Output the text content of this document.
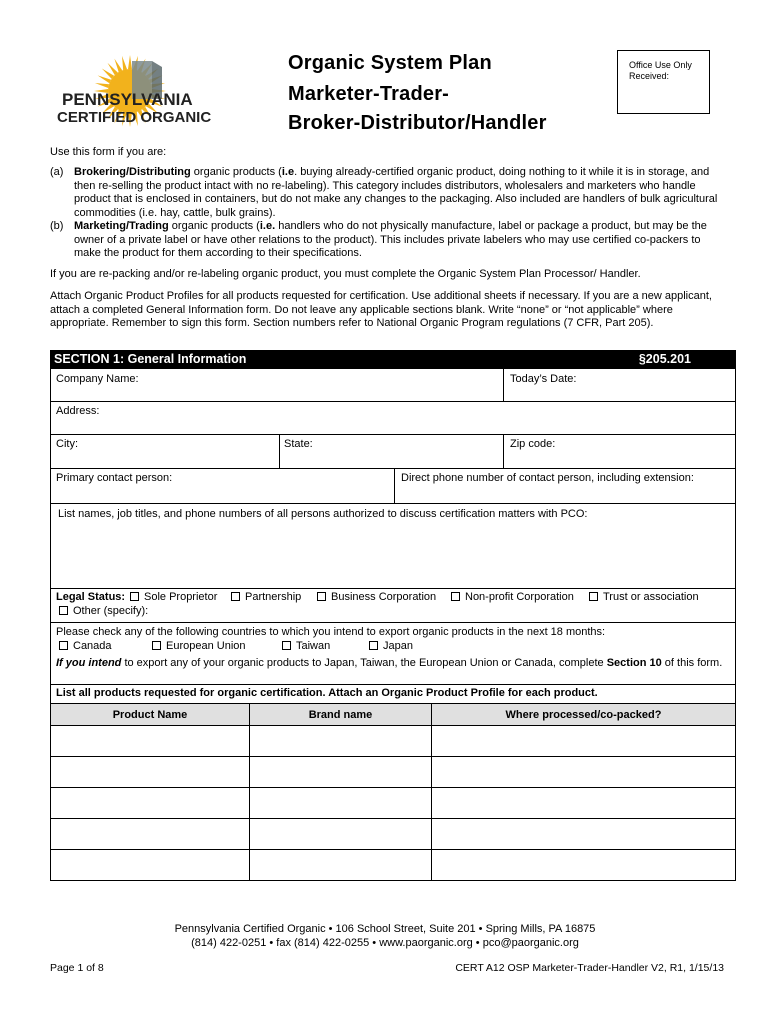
PENNSYLVANIA
CERTIFIED ORGANIC
Organic System Plan
Marketer-Trader-
Broker-Distributor/Handler
Office Use Only
Received:
Use this form if you are:
(a) Brokering/Distributing organic products (i.e. buying already-certified organic product, doing nothing to it while it is in storage, and then re-selling the product intact with no re-labeling). This category includes distributors, wholesalers and marketers who handle product that is enclosed in containers, but do not make any changes to the packaging. Also included are handlers of bulk agricultural commodities (i.e. hay, cattle, bulk grains).
(b) Marketing/Trading organic products (i.e. handlers who do not physically manufacture, label or package a product, but may be the owner of a private label or have other relations to the product). This includes private labelers who may use certified co-packers to make the product for them according to their specifications.
If you are re-packing and/or re-labeling organic product, you must complete the Organic System Plan Processor/ Handler.
Attach Organic Product Profiles for all products requested for certification. Use additional sheets if necessary. If you are a new applicant, attach a completed General Information form. Do not leave any applicable sections blank. Write “none” or “not applicable” where appropriate. Remember to sign this form. Section numbers refer to National Organic Program regulations (7 CFR, Part 205).
SECTION 1: General Information	§205.201
Company Name:	Today’s Date:
Address:
City:	State:	Zip code:
Primary contact person:	Direct phone number of contact person, including extension:
List names, job titles, and phone numbers of all persons authorized to discuss certification matters with PCO:
Legal Status:	Sole Proprietor	Partnership	Business Corporation	Non-profit Corporation	Trust or association
Other (specify):
Please check any of the following countries to which you intend to export organic products in the next 18 months:
Canada	European Union	Taiwan	Japan
If you intend to export any of your organic products to Japan, Taiwan, the European Union or Canada, complete Section 10 of this form.
List all products requested for organic certification. Attach an Organic Product Profile for each product.
Product Name	Brand name	Where processed/co-packed?

Pennsylvania Certified Organic • 106 School Street, Suite 201 • Spring Mills, PA 16875
(814) 422-0251 • fax (814) 422-0255 • www.paorganic.org • pco@paorganic.org
Page 1 of 8	CERT A12 OSP Marketer-Trader-Handler V2, R1, 1/15/13
